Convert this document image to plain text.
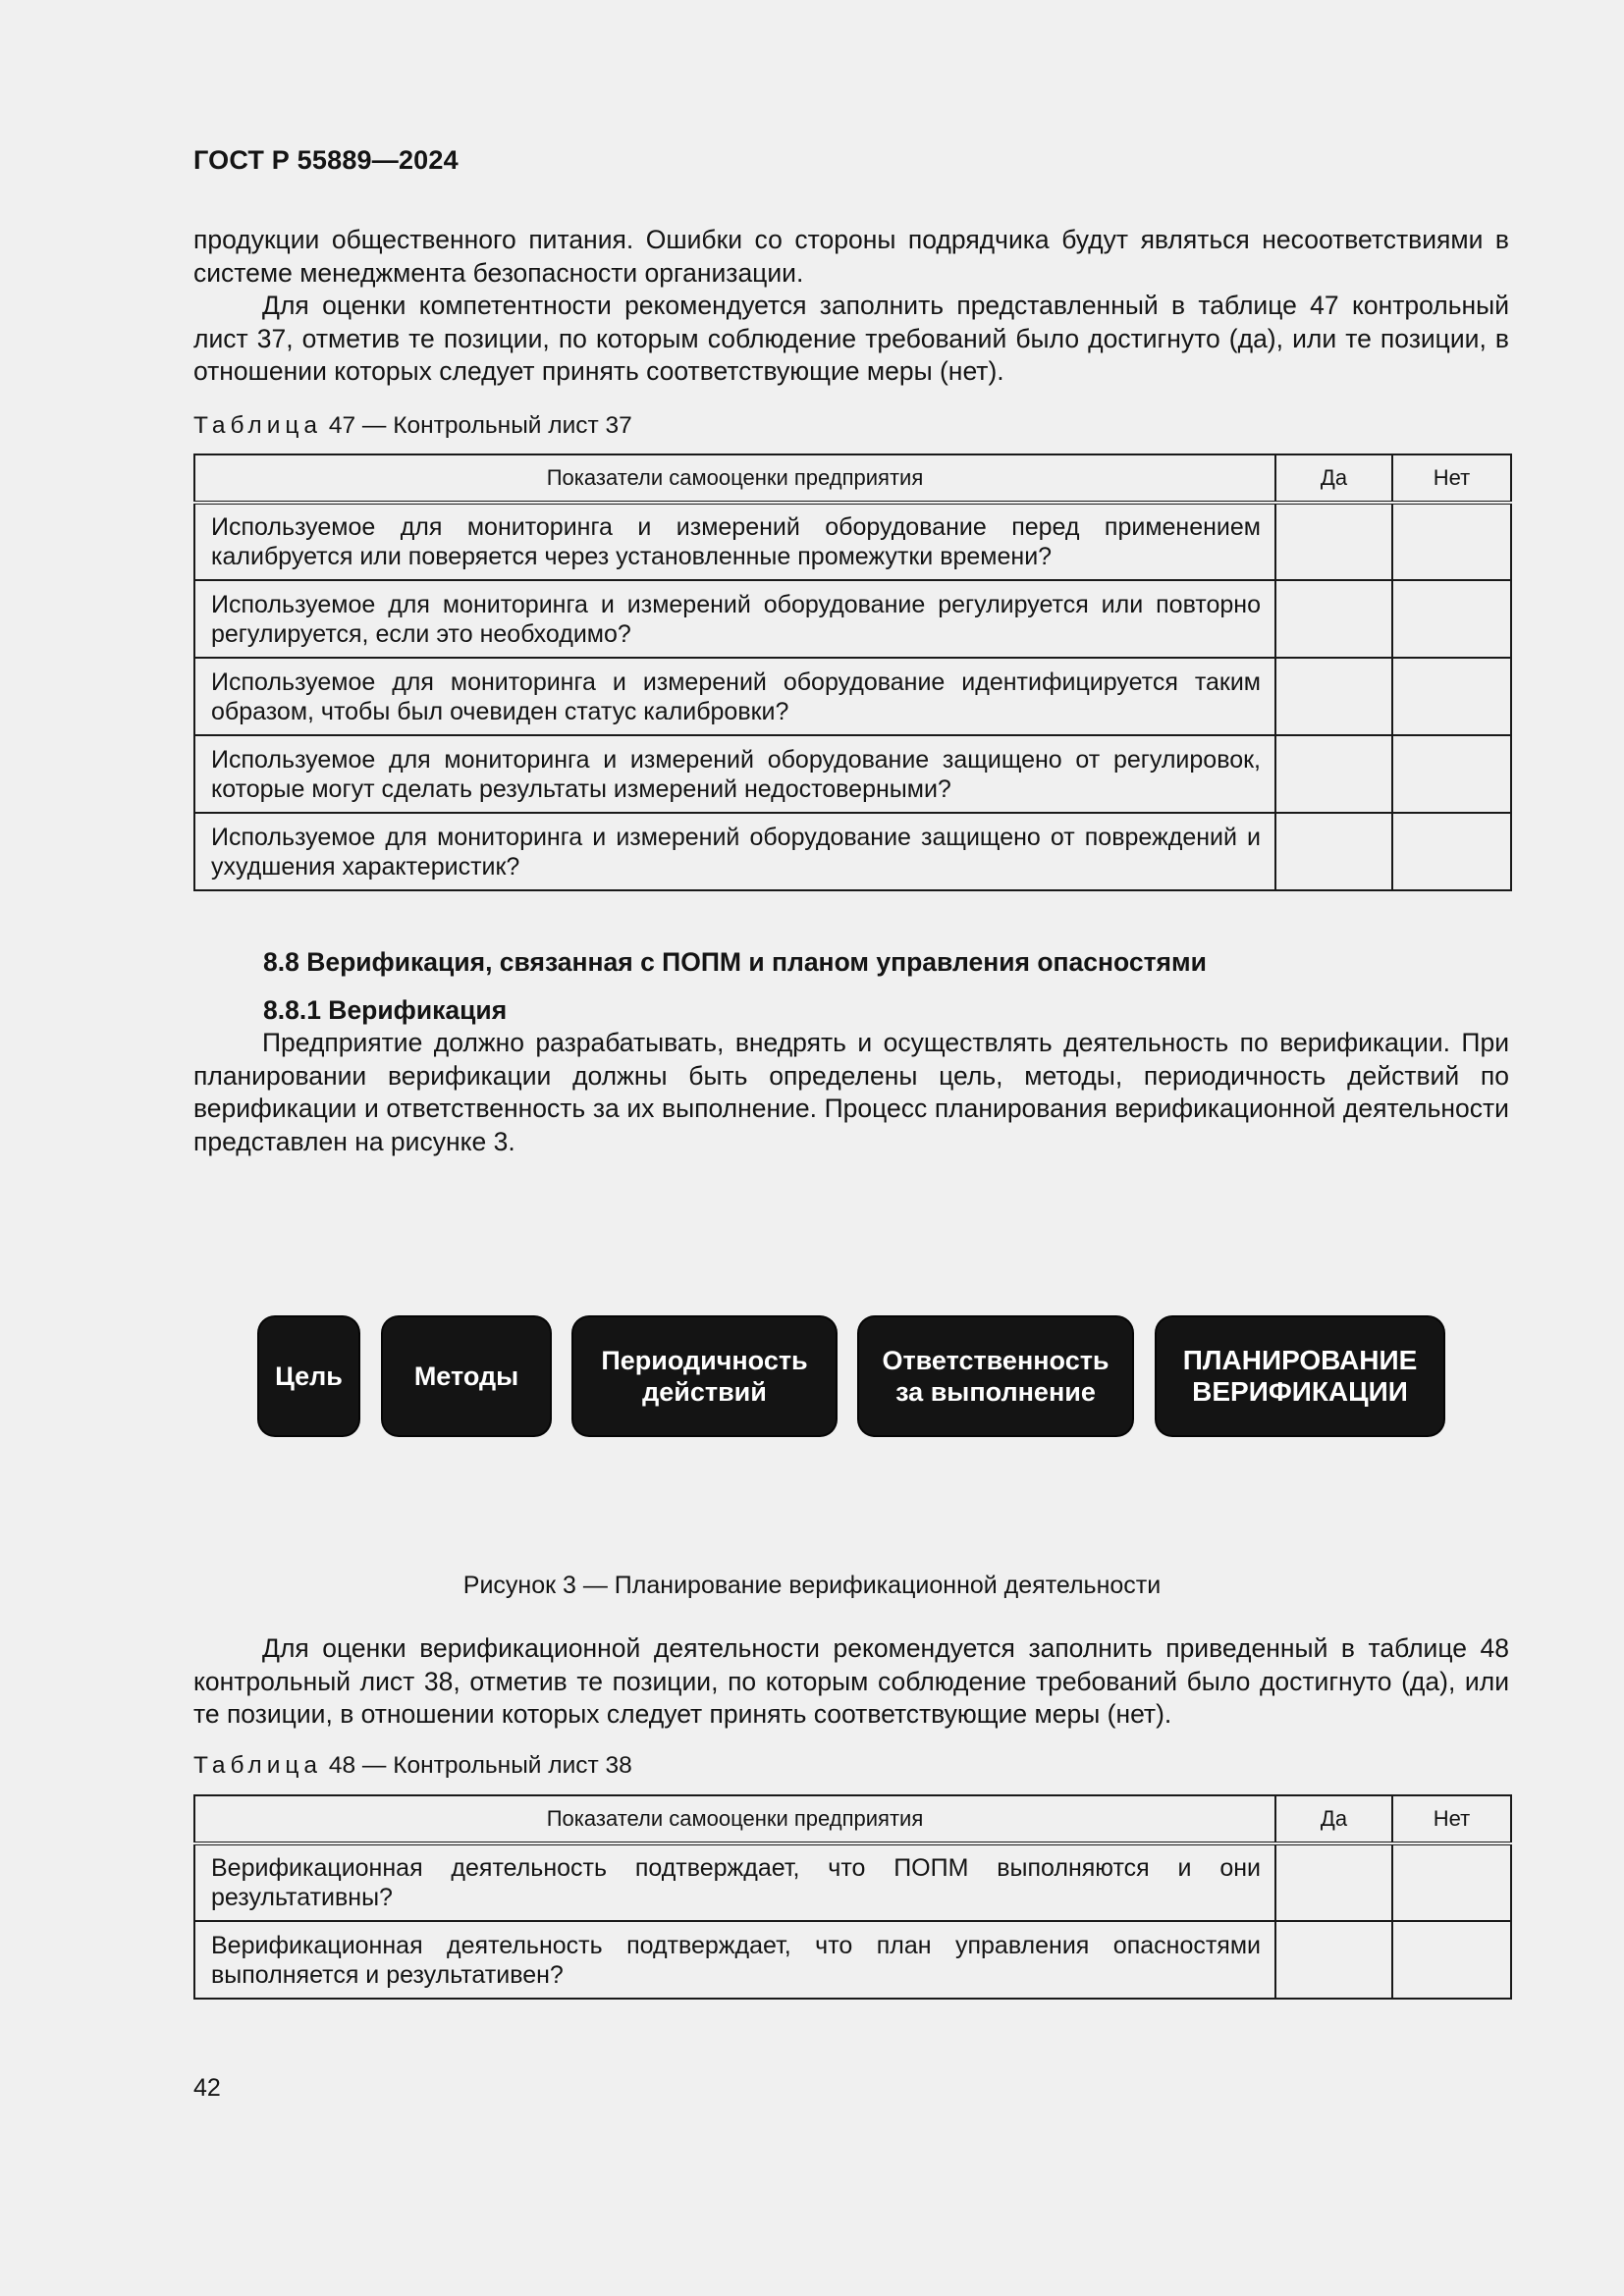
ГОСТ Р 55889—2024

продукции общественного питания. Ошибки со стороны подрядчика будут являться несоответствиями в системе менеджмента безопасности организации.

Для оценки компетентности рекомендуется заполнить представленный в таблице 47 контрольный лист 37, отметив те позиции, по которым соблюдение требований было достигнуто (да), или те позиции, в отношении которых следует принять соответствующие меры (нет).

Таблица 47 — Контрольный лист 37
Показатели самооценки предприятия	Да	Нет
Используемое для мониторинга и измерений оборудование перед применением калибруется или поверяется через установленные промежутки времени?		
Используемое для мониторинга и измерений оборудование регулируется или повторно регулируется, если это необходимо?		
Используемое для мониторинга и измерений оборудование идентифицируется таким образом, чтобы был очевиден статус калибровки?		
Используемое для мониторинга и измерений оборудование защищено от регулировок, которые могут сделать результаты измерений недостоверными?		
Используемое для мониторинга и измерений оборудование защищено от повреждений и ухудшения характеристик?		
8.8 Верификация, связанная с ПОПМ и планом управления опасностями
8.8.1 Верификация

Предприятие должно разрабатывать, внедрять и осуществлять деятельность по верификации. При планировании верификации должны быть определены цель, методы, периодичность действий по верификации и ответственность за их выполнение. Процесс планирования верификационной деятельности представлен на рисунке 3.

Цель	Методы
Периодичность
действий
Ответственность
за выполнение
ПЛАНИРОВАНИЕ
ВЕРИФИКАЦИИ
Рисунок 3 — Планирование верификационной деятельности

Для оценки верификационной деятельности рекомендуется заполнить приведенный в таблице 48 контрольный лист 38, отметив те позиции, по которым соблюдение требований было достигнуто (да), или те позиции, в отношении которых следует принять соответствующие меры (нет).

Таблица 48 — Контрольный лист 38
Показатели самооценки предприятия	Да	Нет
Верификационная деятельность подтверждает, что ПОПМ выполняются и они результативны?		
Верификационная деятельность подтверждает, что план управления опасностями выполняется и результативен?		
42
